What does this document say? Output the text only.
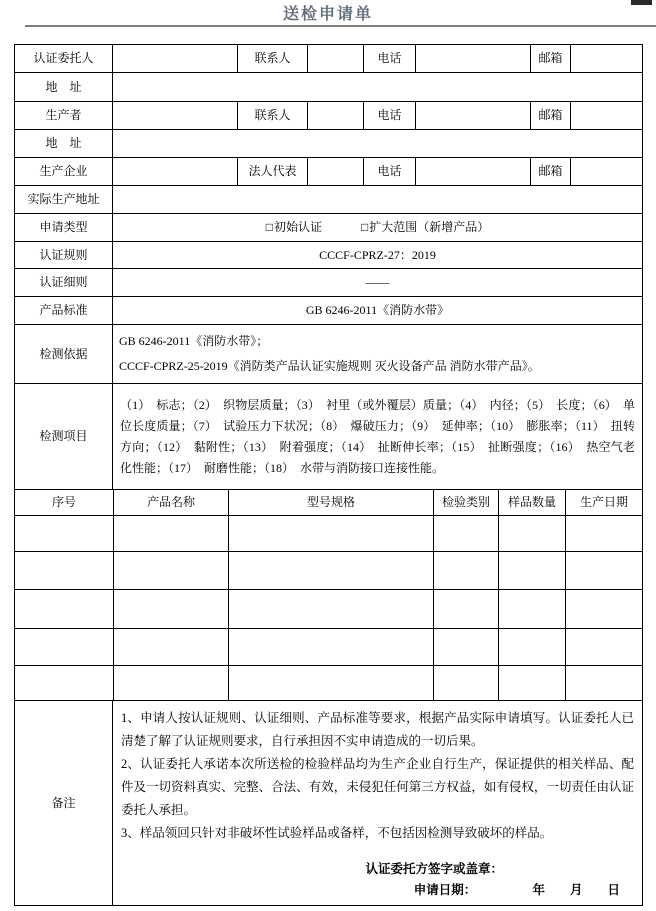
送检申请单
认证委托人		联系人		电话		邮箱	
地　址							
生产者		联系人		电话		邮箱	
地　址							
生产企业		法人代表		电话		邮箱	
实际生产地址							
申请类型	□初始认证 □扩大范围（新增产品）						
认证规则	CCCF-CPRZ-27：2019						
认证细则	——						
产品标准	GB 6246-2011《消防水带》						
检测依据	GB 6246-2011《消防水带》；
CCCF-CPRZ-25-2019《消防类产品认证实施规则 灭火设备产品 消防水带产品》。						

检测项目	（1）　标志；（2）　织物层质量；（3）　衬里（或外覆层）质量；（4）　内径；（5）　长度；（6）　单位长度质量；（7）　试验压力下状况；（8）　爆破压力；（9）　延伸率；（10）　膨胀率；（11）　扭转方向；（12）　黏附性；（13）　附着强度；（14）　扯断伸长率；（15）　扯断强度；（16）　热空气老化性能；（17）　耐磨性能；（18）　水带与消防接口连接性能。						
序号	产品名称	型号规格	检验类别	样品数量	生产日期

备注	

1、申请人按认证规则、认证细则、产品标准等要求，根据产品实际申请填写。认证委托人已清楚了解了认证规则要求，自行承担因不实申请造成的一切后果。

2、认证委托人承诺本次所送检的检验样品均为生产企业自行生产，保证提供的相关样品、配件及一切资料真实、完整、合法、有效，未侵犯任何第三方权益，如有侵权，一切责任由认证委托人承担。

3、样品领回只针对非破坏性试验样品或备样，不包括因检测导致破坏的样品。

认证委托方签字或盖章：
申请日期：　　　　　年　　月　　日
